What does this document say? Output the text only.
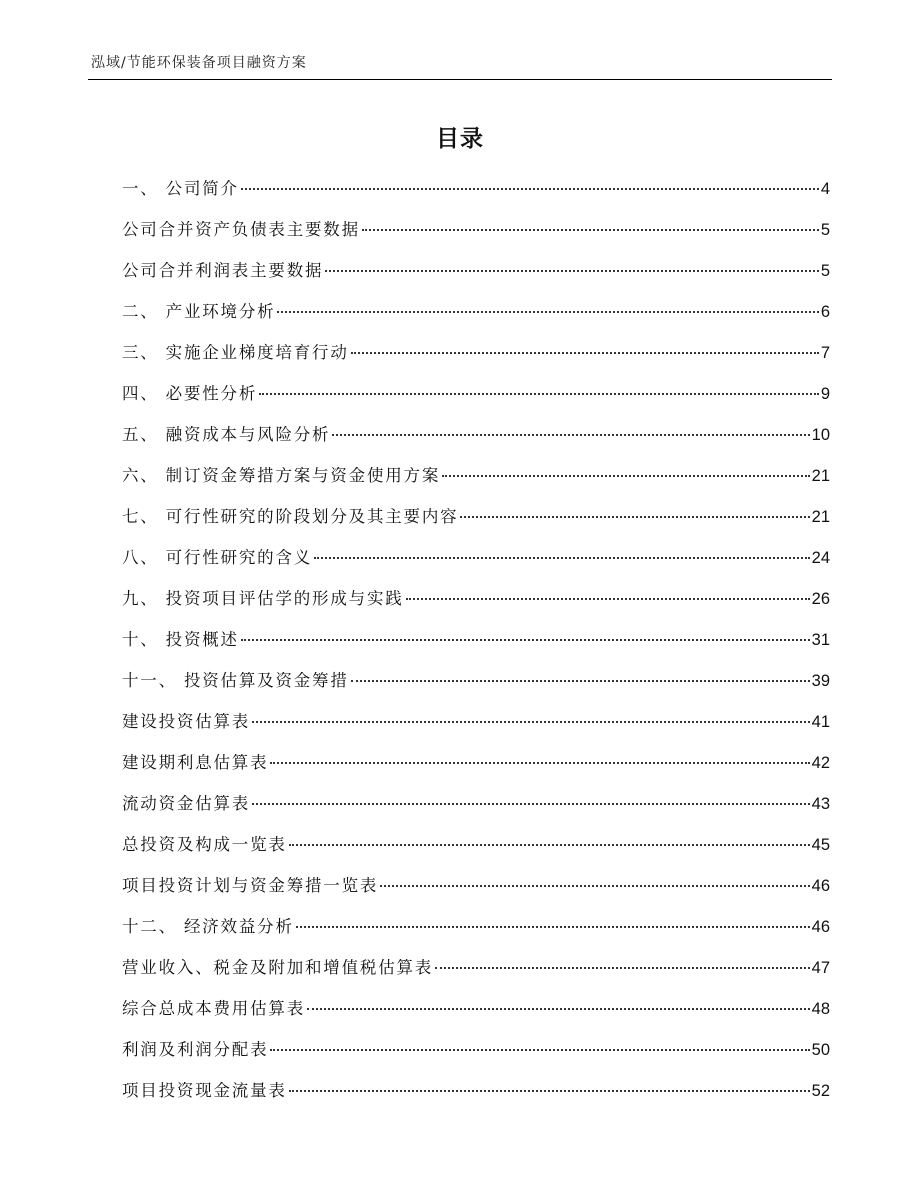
泓域/节能环保装备项目融资方案
目录
一、 公司简介	4
公司合并资产负债表主要数据	5
公司合并利润表主要数据	5
二、 产业环境分析	6
三、 实施企业梯度培育行动	7
四、 必要性分析	9
五、 融资成本与风险分析	10
六、 制订资金筹措方案与资金使用方案	21
七、 可行性研究的阶段划分及其主要内容	21
八、 可行性研究的含义	24
九、 投资项目评估学的形成与实践	26
十、 投资概述	31
十一、 投资估算及资金筹措	39
建设投资估算表	41
建设期利息估算表	42
流动资金估算表	43
总投资及构成一览表	45
项目投资计划与资金筹措一览表	46
十二、 经济效益分析	46
营业收入、税金及附加和增值税估算表	47
综合总成本费用估算表	48
利润及利润分配表	50
项目投资现金流量表	52
